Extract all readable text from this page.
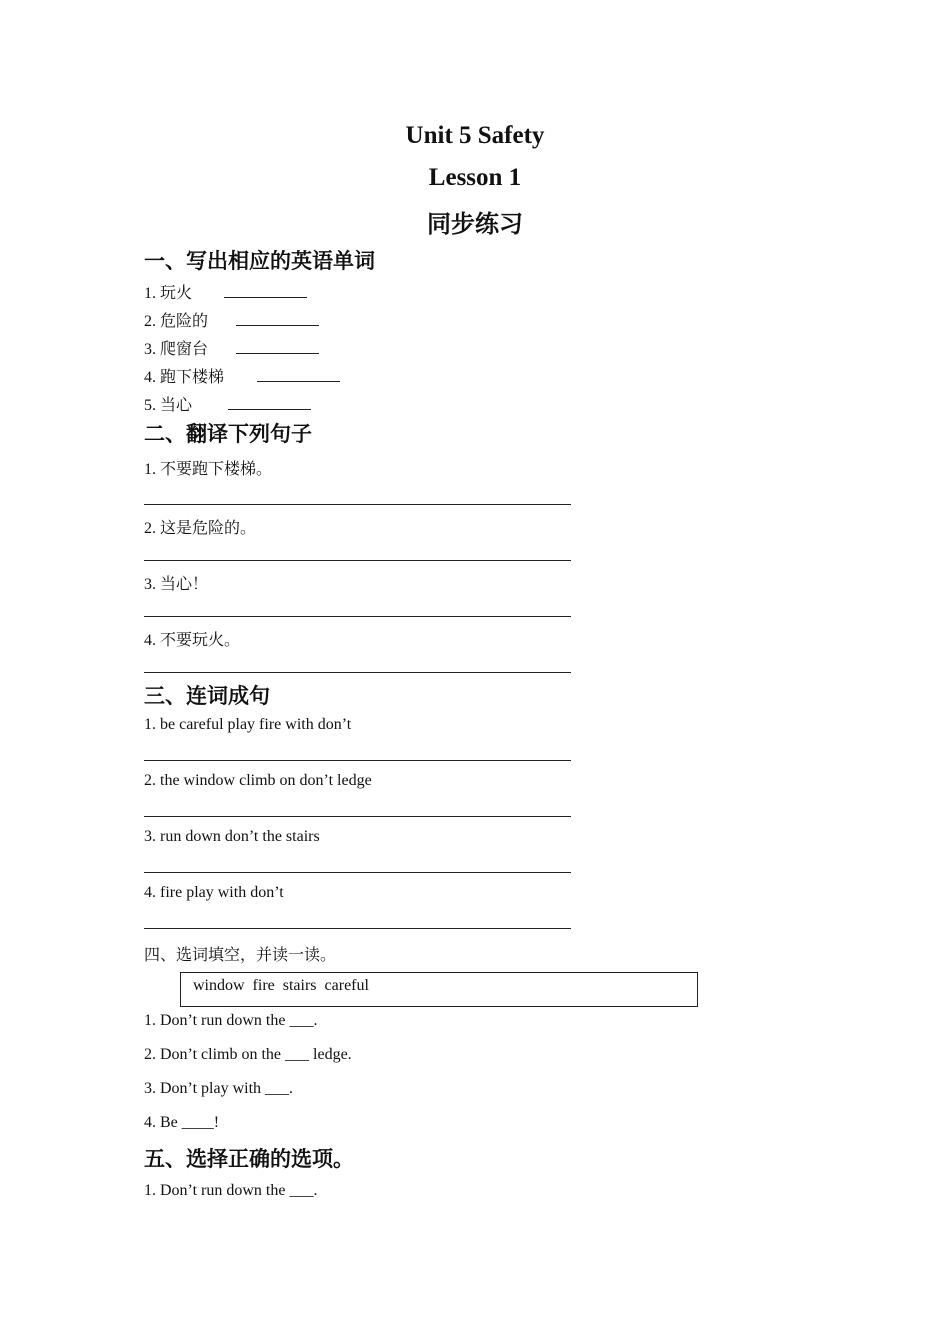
Unit 5 Safety
Lesson 1
同步练习
一、写出相应的英语单词
1. 玩火
2. 危险的
3. 爬窗台
4. 跑下楼梯
5. 当心
二、翻译下列句子
1. 不要跑下楼梯。
2. 这是危险的。
3. 当心！
4. 不要玩火。
三、连词成句
1. be careful play fire with don’t
2. the window climb on don’t ledge
3. run down don’t the stairs
4. fire play with don’t
四、选词填空，并读一读。
window  fire  stairs  careful
1. Don’t run down the ___.
2. Don’t climb on the ___ ledge.
3. Don’t play with ___.
4. Be ____!
五、选择正确的选项。
1. Don’t run down the ___.
